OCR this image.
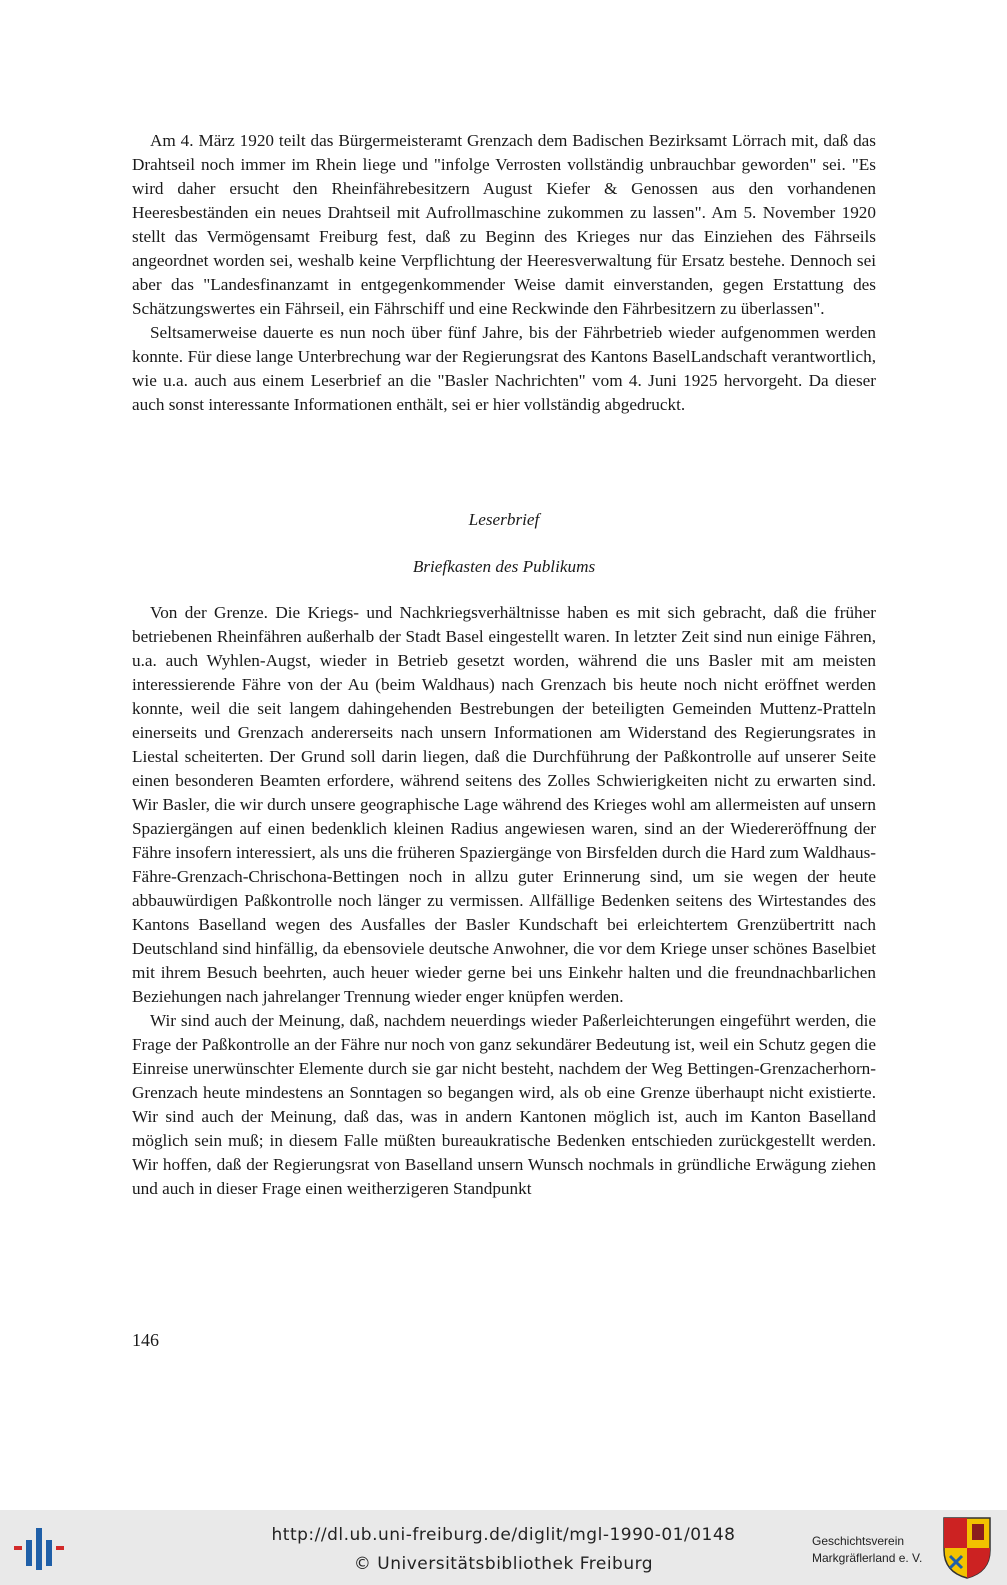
Am 4. März 1920 teilt das Bürgermeisteramt Grenzach dem Badischen Bezirksamt Lörrach mit, daß das Drahtseil noch immer im Rhein liege und "infolge Verrosten vollständig unbrauchbar geworden" sei. "Es wird daher ersucht den Rheinfährebesitzern August Kiefer & Genossen aus den vorhandenen Heeresbeständen ein neues Drahtseil mit Aufrollmaschine zukommen zu lassen". Am 5. November 1920 stellt das Vermögensamt Freiburg fest, daß zu Beginn des Krieges nur das Einziehen des Fährseils angeordnet worden sei, weshalb keine Verpflichtung der Heeresverwaltung für Ersatz bestehe. Dennoch sei aber das "Landesfinanzamt in entgegenkommender Weise damit einverstanden, gegen Erstattung des Schätzungswertes ein Fährseil, ein Fährschiff und eine Reckwinde den Fährbesitzern zu überlassen".

Seltsamerweise dauerte es nun noch über fünf Jahre, bis der Fährbetrieb wieder aufgenommen werden konnte. Für diese lange Unterbrechung war der Regierungsrat des Kantons BaselLandschaft verantwortlich, wie u.a. auch aus einem Leserbrief an die "Basler Nachrichten" vom 4. Juni 1925 hervorgeht. Da dieser auch sonst interessante Informationen enthält, sei er hier vollständig abgedruckt.

Leserbrief
Briefkasten des Publikums

Von der Grenze. Die Kriegs- und Nachkriegsverhältnisse haben es mit sich gebracht, daß die früher betriebenen Rheinfähren außerhalb der Stadt Basel eingestellt waren. In letzter Zeit sind nun einige Fähren, u.a. auch Wyhlen-Augst, wieder in Betrieb gesetzt worden, während die uns Basler mit am meisten interessierende Fähre von der Au (beim Waldhaus) nach Grenzach bis heute noch nicht eröffnet werden konnte, weil die seit langem dahingehenden Bestrebungen der beteiligten Gemeinden Muttenz-Pratteln einerseits und Grenzach andererseits nach unsern Informationen am Widerstand des Regierungsrates in Liestal scheiterten. Der Grund soll darin liegen, daß die Durchführung der Paßkontrolle auf unserer Seite einen besonderen Beamten erfordere, während seitens des Zolles Schwierigkeiten nicht zu erwarten sind. Wir Basler, die wir durch unsere geographische Lage während des Krieges wohl am allermeisten auf unsern Spaziergängen auf einen bedenklich kleinen Radius angewiesen waren, sind an der Wiedereröffnung der Fähre insofern interessiert, als uns die früheren Spaziergänge von Birsfelden durch die Hard zum Waldhaus-Fähre-Grenzach-Chrischona-Bettingen noch in allzu guter Erinnerung sind, um sie wegen der heute abbauwürdigen Paßkontrolle noch länger zu vermissen. Allfällige Bedenken seitens des Wirtestandes des Kantons Baselland wegen des Ausfalles der Basler Kundschaft bei erleichtertem Grenzübertritt nach Deutschland sind hinfällig, da ebensoviele deutsche Anwohner, die vor dem Kriege unser schönes Baselbiet mit ihrem Besuch beehrten, auch heuer wieder gerne bei uns Einkehr halten und die freundnachbarlichen Beziehungen nach jahrelanger Trennung wieder enger knüpfen werden.

Wir sind auch der Meinung, daß, nachdem neuerdings wieder Paßerleichterungen eingeführt werden, die Frage der Paßkontrolle an der Fähre nur noch von ganz sekundärer Bedeutung ist, weil ein Schutz gegen die Einreise unerwünschter Elemente durch sie gar nicht besteht, nachdem der Weg Bettingen-Grenzacherhorn-Grenzach heute mindestens an Sonntagen so begangen wird, als ob eine Grenze überhaupt nicht existierte. Wir sind auch der Meinung, daß das, was in andern Kantonen möglich ist, auch im Kanton Baselland möglich sein muß; in diesem Falle müßten bureaukratische Bedenken entschieden zurückgestellt werden. Wir hoffen, daß der Regierungsrat von Baselland unsern Wunsch nochmals in gründliche Erwägung ziehen und auch in dieser Frage einen weitherzigeren Standpunkt

146
http://dl.ub.uni-freiburg.de/diglit/mgl-1990-01/0148
© Universitätsbibliothek Freiburg
Geschichtsverein
Markgräflerland e. V.
